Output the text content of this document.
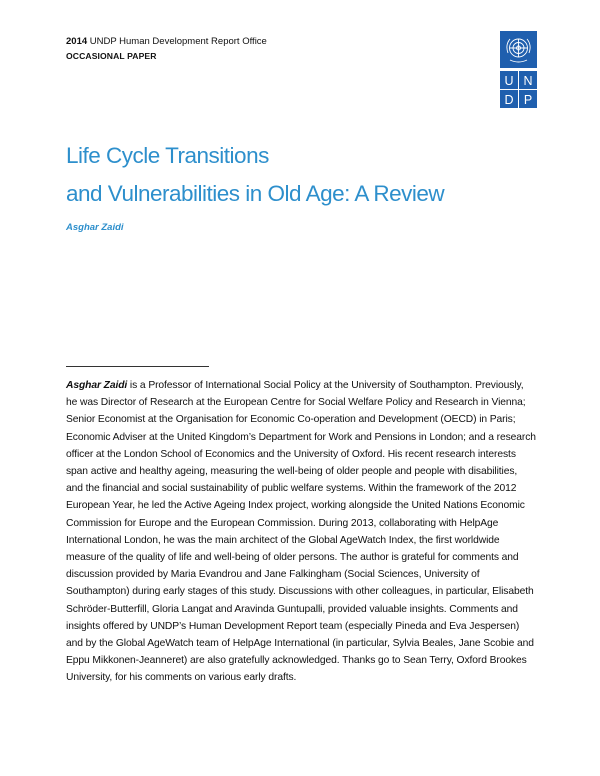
2014 UNDP Human Development Report Office
OCCASIONAL PAPER
U N
D P
Life Cycle Transitions
and Vulnerabilities in Old Age: A Review
Asghar Zaidi
Asghar Zaidi is a Professor of International Social Policy at the University of Southampton. Previously, he was Director of Research at the European Centre for Social Welfare Policy and Research in Vienna; Senior Economist at the Organisation for Economic Co-operation and Development (OECD) in Paris; Economic Adviser at the United Kingdom’s Department for Work and Pensions in London; and a research officer at the London School of Economics and the University of Oxford. His recent research interests span active and healthy ageing, measuring the well-being of older people and people with disabilities, and the financial and social sustainability of public welfare systems. Within the framework of the 2012 European Year, he led the Active Ageing Index project, working alongside the United Nations Economic Commission for Europe and the European Commission. During 2013, collaborating with HelpAge International London, he was the main architect of the Global AgeWatch Index, the first worldwide measure of the quality of life and well-being of older persons. The author is grateful for comments and discussion provided by Maria Evandrou and Jane Falkingham (Social Sciences, University of Southampton) during early stages of this study. Discussions with other colleagues, in particular, Elisabeth Schröder-Butterfill, Gloria Langat and Aravinda Guntupalli, provided valuable insights. Comments and insights offered by UNDP’s Human Development Report team (especially Pineda and Eva Jespersen) and by the Global AgeWatch team of HelpAge International (in particular, Sylvia Beales, Jane Scobie and Eppu Mikkonen-Jeanneret) are also gratefully acknowledged. Thanks go to Sean Terry, Oxford Brookes University, for his comments on various early drafts.
